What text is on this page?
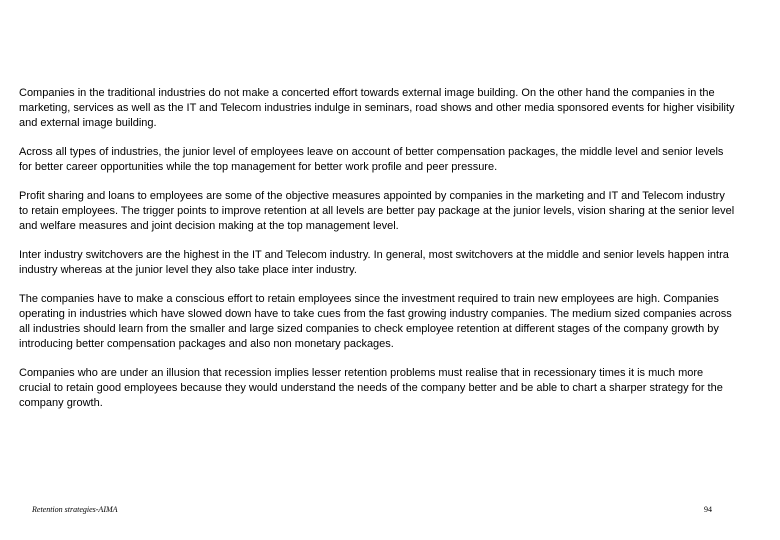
Companies in the traditional industries do not make a concerted effort towards external image building. On the other hand the companies in the marketing, services as well as the IT and Telecom industries indulge in seminars, road shows and other media sponsored events for higher visibility and external image building.

Across all types of industries, the junior level of employees leave on account of better compensation packages, the middle level and senior levels for better career opportunities while the top management for better work profile and peer pressure.

Profit sharing and loans to employees are some of the objective measures appointed by companies in the marketing and IT and Telecom industry to retain employees. The trigger points to improve retention at all levels are better pay package at the junior levels, vision sharing at the senior level and welfare measures and joint decision making at the top management level.

Inter industry switchovers are the highest in the IT and Telecom industry. In general, most switchovers at the middle and senior levels happen intra industry whereas at the junior level they also take place inter industry.

The companies have to make a conscious effort to retain employees since the investment required to train new employees are high. Companies operating in industries which have slowed down have to take cues from the fast growing industry companies. The medium sized companies across all industries should learn from the smaller and large sized companies to check employee retention at different stages of the company growth by introducing better compensation packages and also non monetary packages.

Companies who are under an illusion that recession implies lesser retention problems must realise that in recessionary times it is much more crucial to retain good employees because they would understand the needs of the company better and be able to chart a sharper strategy for the company growth.

Retention strategies-AIMA	94
